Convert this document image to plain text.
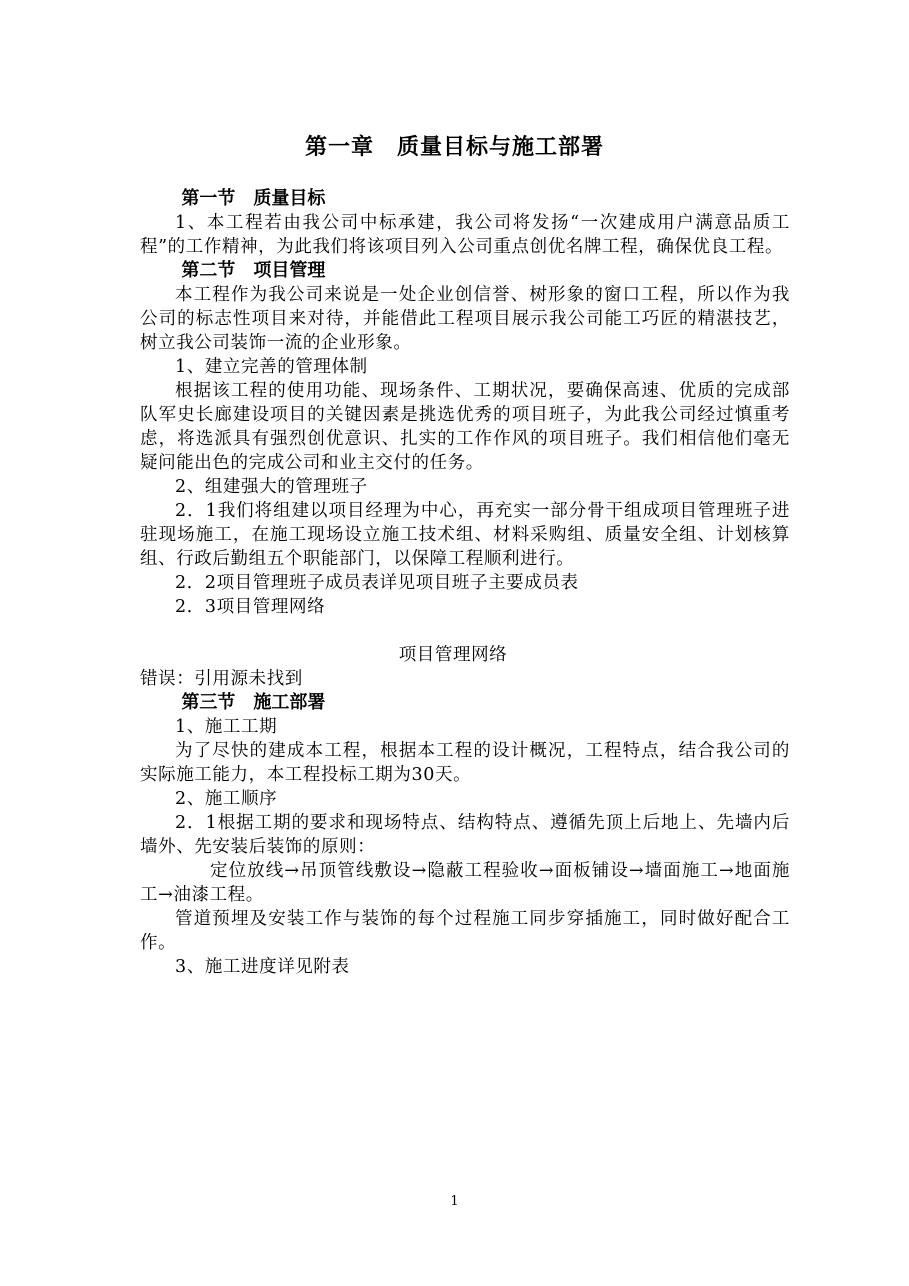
第一章　质量目标与施工部署
第一节　质量目标

1、本工程若由我公司中标承建，我公司将发扬“一次建成用户满意品质工程”的工作精神，为此我们将该项目列入公司重点创优名牌工程，确保优良工程。

第二节　项目管理

本工程作为我公司来说是一处企业创信誉、树形象的窗口工程，所以作为我公司的标志性项目来对待，并能借此工程项目展示我公司能工巧匠的精湛技艺，树立我公司装饰一流的企业形象。

1、建立完善的管理体制

根据该工程的使用功能、现场条件、工期状况，要确保高速、优质的完成部队军史长廊建设项目的关键因素是挑选优秀的项目班子，为此我公司经过慎重考虑，将选派具有强烈创优意识、扎实的工作作风的项目班子。我们相信他们毫无疑问能出色的完成公司和业主交付的任务。

2、组建强大的管理班子

2．1我们将组建以项目经理为中心，再充实一部分骨干组成项目管理班子进驻现场施工，在施工现场设立施工技术组、材料采购组、质量安全组、计划核算组、行政后勤组五个职能部门，以保障工程顺利进行。

2．2项目管理班子成员表详见项目班子主要成员表

2．3项目管理网络

项目管理网络

错误：引用源未找到

第三节　施工部署

1、施工工期

为了尽快的建成本工程，根据本工程的设计概况，工程特点，结合我公司的实际施工能力，本工程投标工期为30天。

2、施工顺序

2．1根据工期的要求和现场特点、结构特点、遵循先顶上后地上、先墙内后墙外、先安装后装饰的原则：

定位放线→吊顶管线敷设→隐蔽工程验收→面板铺设→墙面施工→地面施工→油漆工程。

管道预埋及安装工作与装饰的每个过程施工同步穿插施工，同时做好配合工作。

3、施工进度详见附表

1
